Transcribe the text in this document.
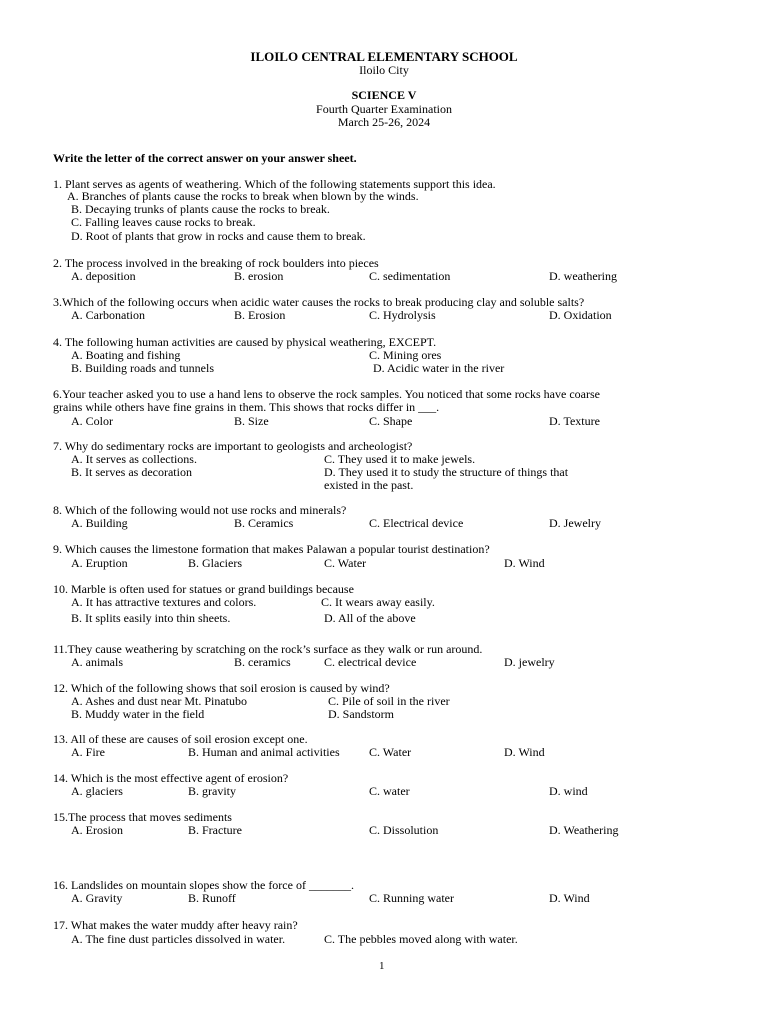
ILOILO CENTRAL ELEMENTARY SCHOOL
Iloilo City
SCIENCE V
Fourth Quarter Examination
March 25-26, 2024
Write the letter of the correct answer on your answer sheet.
1. Plant serves as agents of weathering. Which of the following statements support this idea.
A. Branches of plants cause the rocks to break when blown by the winds.
B. Decaying trunks of plants cause the rocks to break.
C. Falling leaves cause rocks to break.
D. Root of plants that grow in rocks and cause them to break.
2. The process involved in the breaking of rock boulders into pieces
A. deposition	B. erosion	C. sedimentation	D. weathering
3.Which of the following occurs when acidic water causes the rocks to break producing clay and soluble salts?
A. Carbonation	B. Erosion	C. Hydrolysis	D. Oxidation
4. The following human activities are caused by physical weathering, EXCEPT.
A. Boating and fishing	C. Mining ores
B. Building roads and tunnels	D. Acidic water in the river
6.Your teacher asked you to use a hand lens to observe the rock samples. You noticed that some rocks have coarse
grains while others have fine grains in them. This shows that rocks differ in ___.
A. Color	B. Size	C. Shape	D. Texture
7. Why do sedimentary rocks are important to geologists and archeologist?
A. It serves as collections.	C. They used it to make jewels.
B. It serves as decoration	D. They used it to study the structure of things that
existed in the past.
8. Which of the following would not use rocks and minerals?
A. Building	B. Ceramics	C. Electrical device	D. Jewelry
9. Which causes the limestone formation that makes Palawan a popular tourist destination?
A. Eruption	B. Glaciers	C. Water	D. Wind
10. Marble is often used for statues or grand buildings because
A. It has attractive textures and colors.	C. It wears away easily.
B. It splits easily into thin sheets.	D. All of the above
11.They cause weathering by scratching on the rock’s surface as they walk or run around.
A. animals	B. ceramics	C. electrical device	D. jewelry
12. Which of the following shows that soil erosion is caused by wind?
A. Ashes and dust near Mt. Pinatubo	C. Pile of soil in the river
B. Muddy water in the field	D. Sandstorm
13. All of these are causes of soil erosion except one.
A. Fire	B. Human and animal activities C. Water	D. Wind
14. Which is the most effective agent of erosion?
A. glaciers	B. gravity	C. water	D. wind
15.The process that moves sediments
A. Erosion	B. Fracture	C. Dissolution	D. Weathering
16. Landslides on mountain slopes show the force of _______.
A. Gravity	B. Runoff	C. Running water	D. Wind
17. What makes the water muddy after heavy rain?
A. The fine dust particles dissolved in water.	C. The pebbles moved along with water.
1
